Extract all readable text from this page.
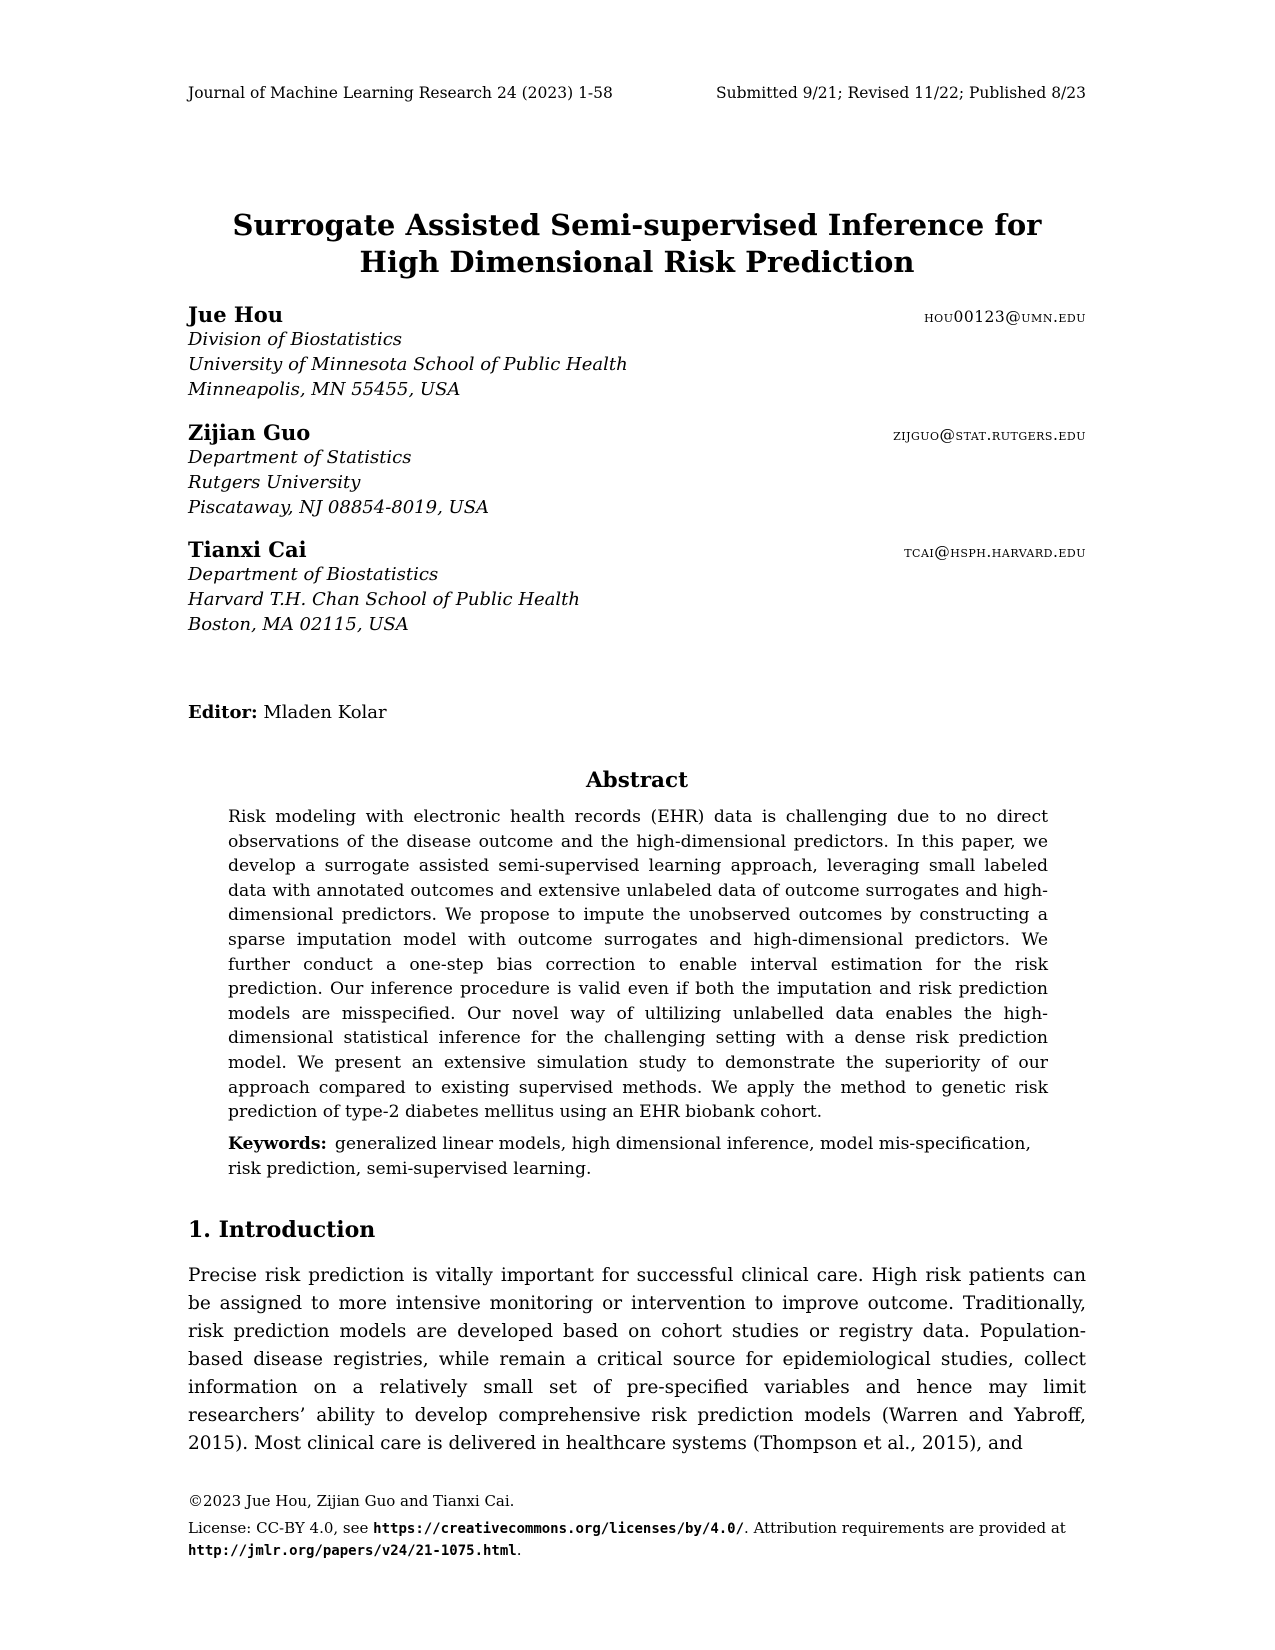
Journal of Machine Learning Research 24 (2023) 1-58	Submitted 9/21; Revised 11/22; Published 8/23
Surrogate Assisted Semi-supervised Inference for High Dimensional Risk Prediction
Jue Hou	hou00123@umn.edu
Division of Biostatistics
University of Minnesota School of Public Health
Minneapolis, MN 55455, USA
Zijian Guo	zijguo@stat.rutgers.edu
Department of Statistics
Rutgers University
Piscataway, NJ 08854-8019, USA
Tianxi Cai	tcai@hsph.harvard.edu
Department of Biostatistics
Harvard T.H. Chan School of Public Health
Boston, MA 02115, USA
Editor: Mladen Kolar
Abstract
Risk modeling with electronic health records (EHR) data is challenging due to no direct observations of the disease outcome and the high-dimensional predictors. In this paper, we develop a surrogate assisted semi-supervised learning approach, leveraging small labeled data with annotated outcomes and extensive unlabeled data of outcome surrogates and high-dimensional predictors. We propose to impute the unobserved outcomes by constructing a sparse imputation model with outcome surrogates and high-dimensional predictors. We further conduct a one-step bias correction to enable interval estimation for the risk prediction. Our inference procedure is valid even if both the imputation and risk prediction models are misspecified. Our novel way of ultilizing unlabelled data enables the high-dimensional statistical inference for the challenging setting with a dense risk prediction model. We present an extensive simulation study to demonstrate the superiority of our approach compared to existing supervised methods. We apply the method to genetic risk prediction of type-2 diabetes mellitus using an EHR biobank cohort.
Keywords: generalized linear models, high dimensional inference, model mis-specification, risk prediction, semi-supervised learning.
1. Introduction
Precise risk prediction is vitally important for successful clinical care. High risk patients can be assigned to more intensive monitoring or intervention to improve outcome. Traditionally, risk prediction models are developed based on cohort studies or registry data. Population-based disease registries, while remain a critical source for epidemiological studies, collect information on a relatively small set of pre-specified variables and hence may limit researchers’ ability to develop comprehensive risk prediction models (Warren and Yabroff, 2015). Most clinical care is delivered in healthcare systems (Thompson et al., 2015), and
©2023 Jue Hou, Zijian Guo and Tianxi Cai.
License: CC-BY 4.0, see https://creativecommons.org/licenses/by/4.0/. Attribution requirements are provided at http://jmlr.org/papers/v24/21-1075.html.
